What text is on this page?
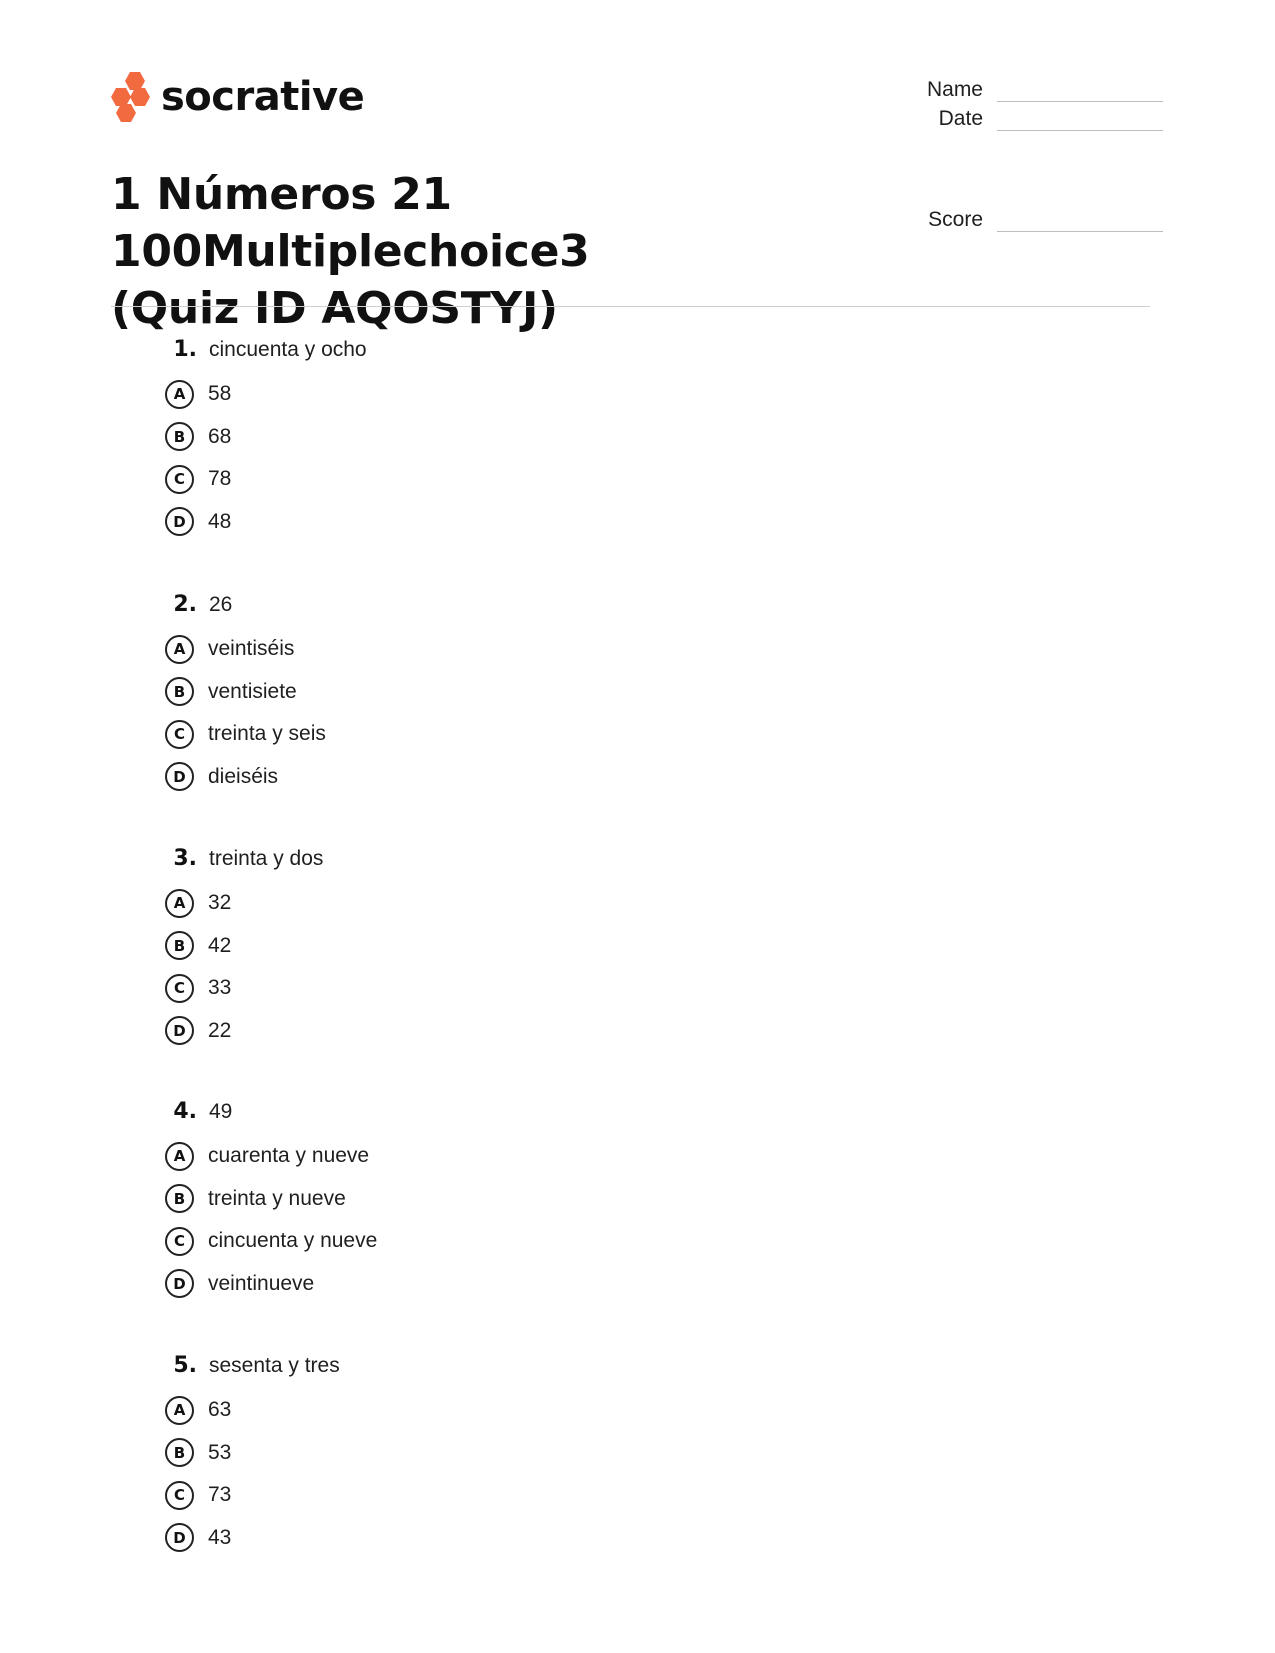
socrative	Name
Date
Score
1 Números 21 100Multiplechoice3
(Quiz ID AQOSTYJ)
1. cincuenta y ocho
A	58
B	68
C	78
D	48
2. 26
A	veintiséis
B	ventisiete
C	treinta y seis
D	dieiséis
3. treinta y dos
A	32
B	42
C	33
D	22
4. 49
A	cuarenta y nueve
B	treinta y nueve
C	cincuenta y nueve
D	veintinueve
5. sesenta y tres
A	63
B	53
C	73
D	43
